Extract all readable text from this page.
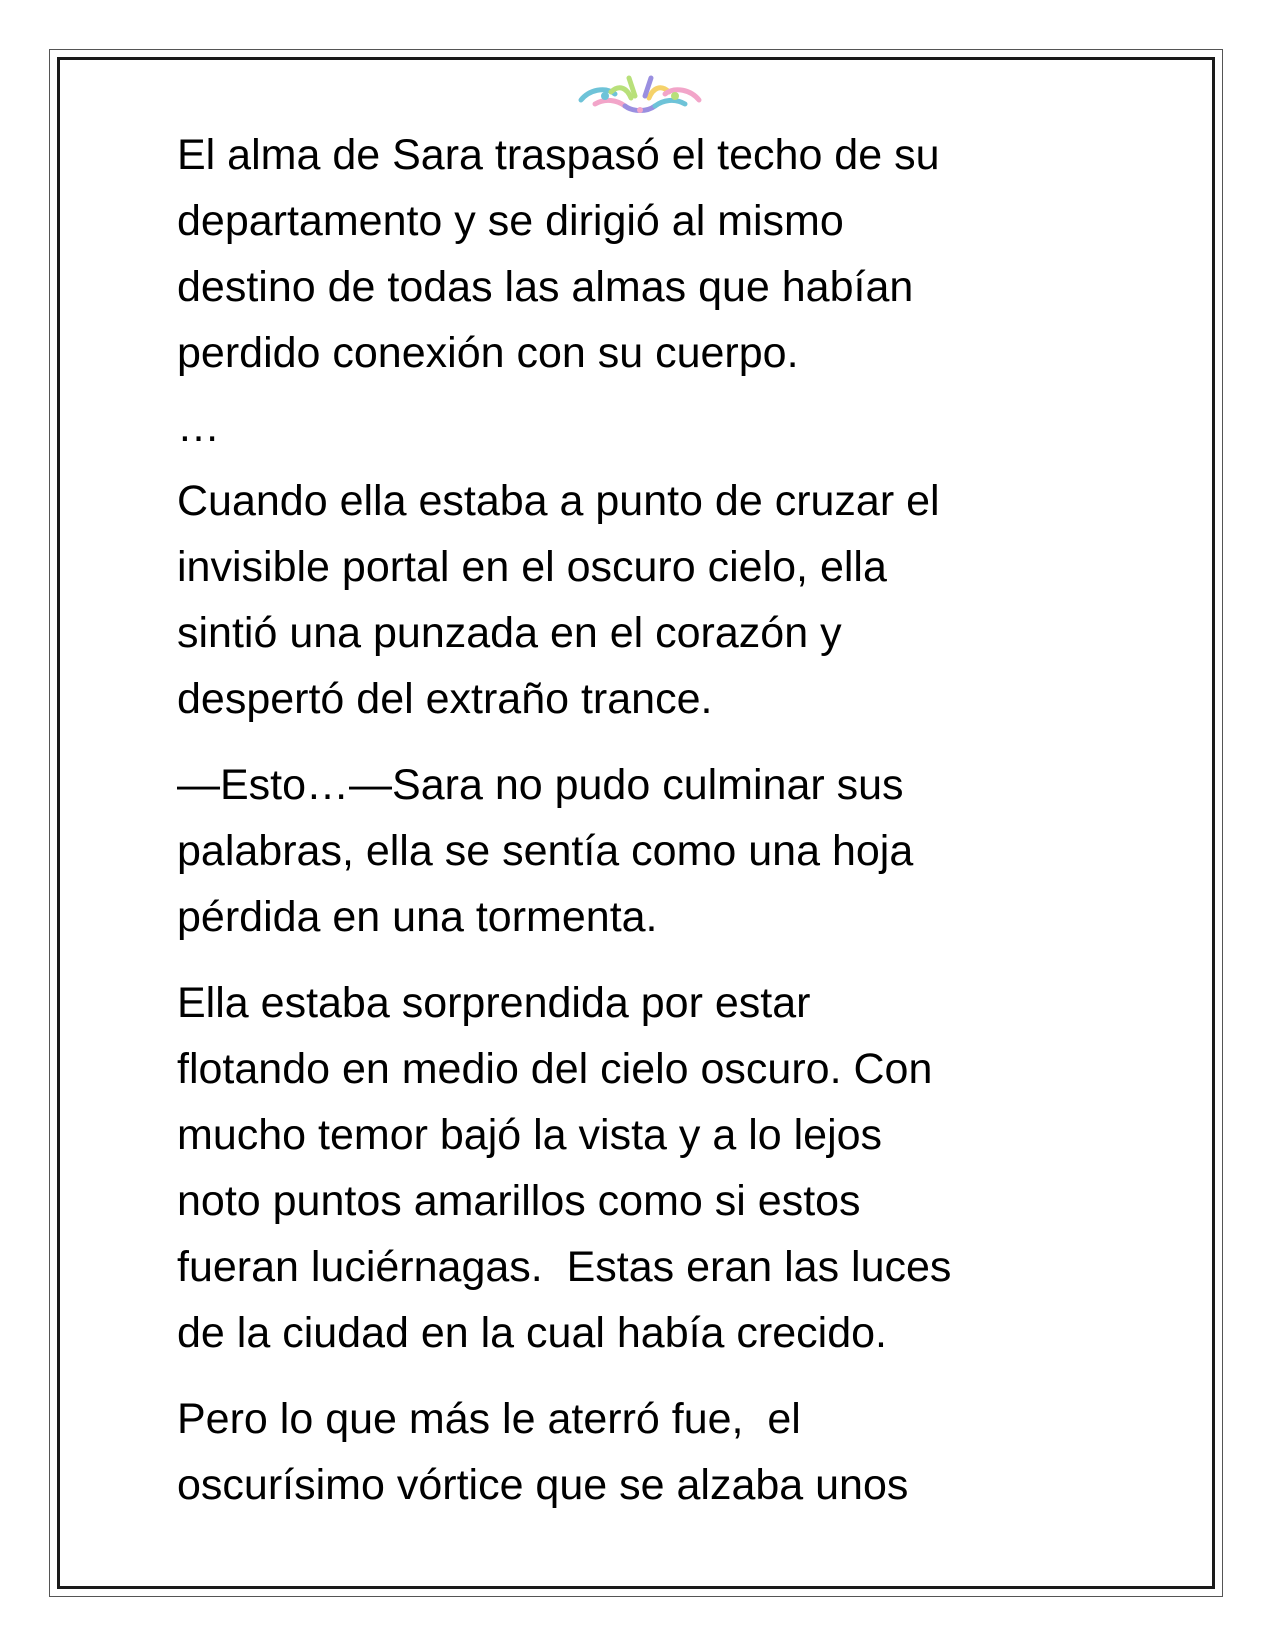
El alma de Sara traspasó el techo de su
departamento y se dirigió al mismo
destino de todas las almas que habían
perdido conexión con su cuerpo.
…
Cuando ella estaba a punto de cruzar el
invisible portal en el oscuro cielo, ella
sintió una punzada en el corazón y
despertó del extraño trance.
—Esto…—Sara no pudo culminar sus
palabras, ella se sentía como una hoja
pérdida en una tormenta.
Ella estaba sorprendida por estar
flotando en medio del cielo oscuro. Con
mucho temor bajó la vista y a lo lejos
noto puntos amarillos como si estos
fueran luciérnagas.  Estas eran las luces
de la ciudad en la cual había crecido.
Pero lo que más le aterró fue,  el
oscurísimo vórtice que se alzaba unos
